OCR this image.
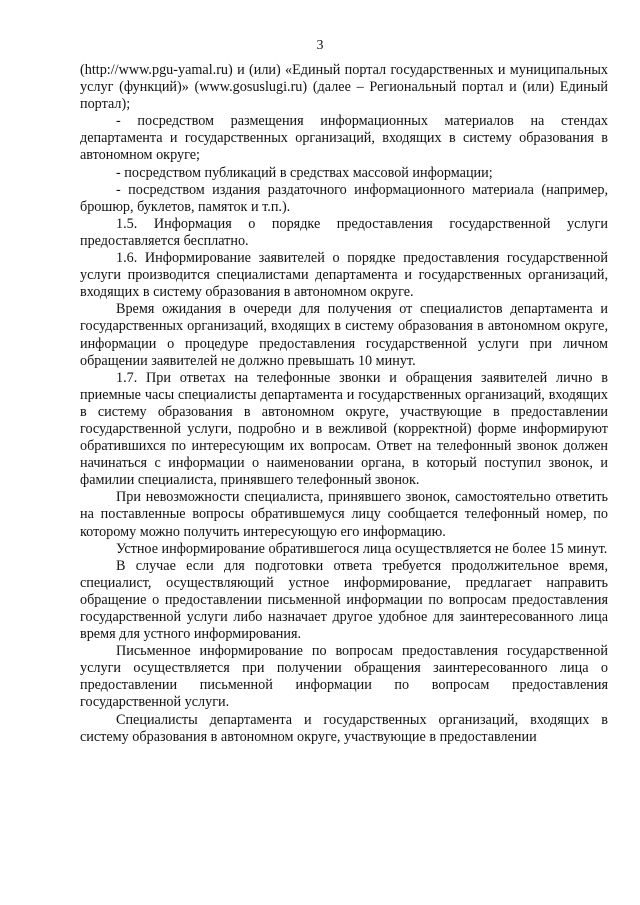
3

(http://www.pgu-yamal.ru) и (или) «Единый портал государственных и муниципальных услуг (функций)» (www.gosuslugi.ru) (далее – Региональный портал и (или) Единый портал);

- посредством размещения информационных материалов на стендах департамента и государственных организаций, входящих в систему образования в автономном округе;

- посредством публикаций в средствах массовой информации;

- посредством издания раздаточного информационного материала (например, брошюр, буклетов, памяток и т.п.).

1.5. Информация о порядке предоставления государственной услуги предоставляется бесплатно.

1.6. Информирование заявителей о порядке предоставления государственной услуги производится специалистами департамента и государственных организаций, входящих в систему образования в автономном округе.

Время ожидания в очереди для получения от специалистов департамента и государственных организаций, входящих в систему образования в автономном округе, информации о процедуре предоставления государственной услуги при личном обращении заявителей не должно превышать 10 минут.

1.7. При ответах на телефонные звонки и обращения заявителей лично в приемные часы специалисты департамента и государственных организаций, входящих в систему образования в автономном округе, участвующие в предоставлении государственной услуги, подробно и в вежливой (корректной) форме информируют обратившихся по интересующим их вопросам. Ответ на телефонный звонок должен начинаться с информации о наименовании органа, в который поступил звонок, и фамилии специалиста, принявшего телефонный звонок.

При невозможности специалиста, принявшего звонок, самостоятельно ответить на поставленные вопросы обратившемуся лицу сообщается телефонный номер, по которому можно получить интересующую его информацию.

Устное информирование обратившегося лица осуществляется не более 15 минут.

В случае если для подготовки ответа требуется продолжительное время, специалист, осуществляющий устное информирование, предлагает направить обращение о предоставлении письменной информации по вопросам предоставления государственной услуги либо назначает другое удобное для заинтересованного лица время для устного информирования.

Письменное информирование по вопросам предоставления государственной услуги осуществляется при получении обращения заинтересованного лица о предоставлении письменной информации по вопросам предоставления государственной услуги.

Специалисты департамента и государственных организаций, входящих в систему образования в автономном округе, участвующие в предоставлении
